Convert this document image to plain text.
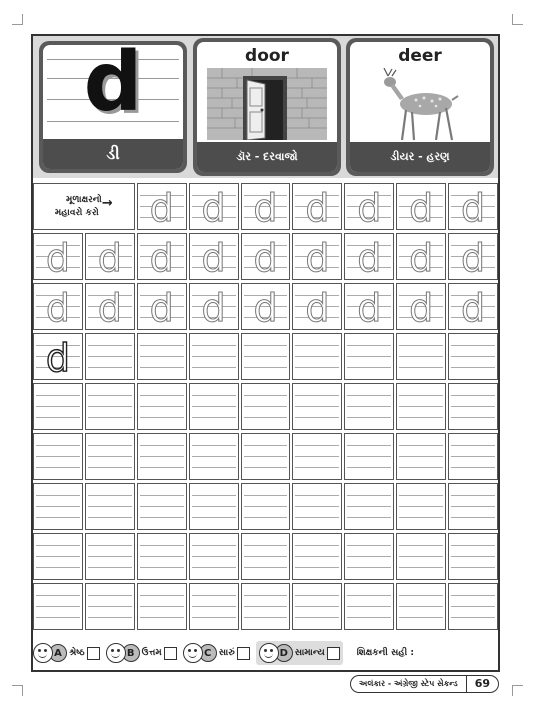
d
ડી
door
ડૉર - દરવાજો
deer
ડીયર - હરણ
મૂળાક્ષરનો
મહાવરો કરો → d d d d d d d
d d d d d d d d d
d d d d d d d d d
d
A શ્રેષ્ઠ	B ઉત્તમ	C સારું	D સામાન્ય	શિક્ષકની સહી :
અલંકાર - અંગ્રેજી સ્ટેપ સેકન્ડ	69
